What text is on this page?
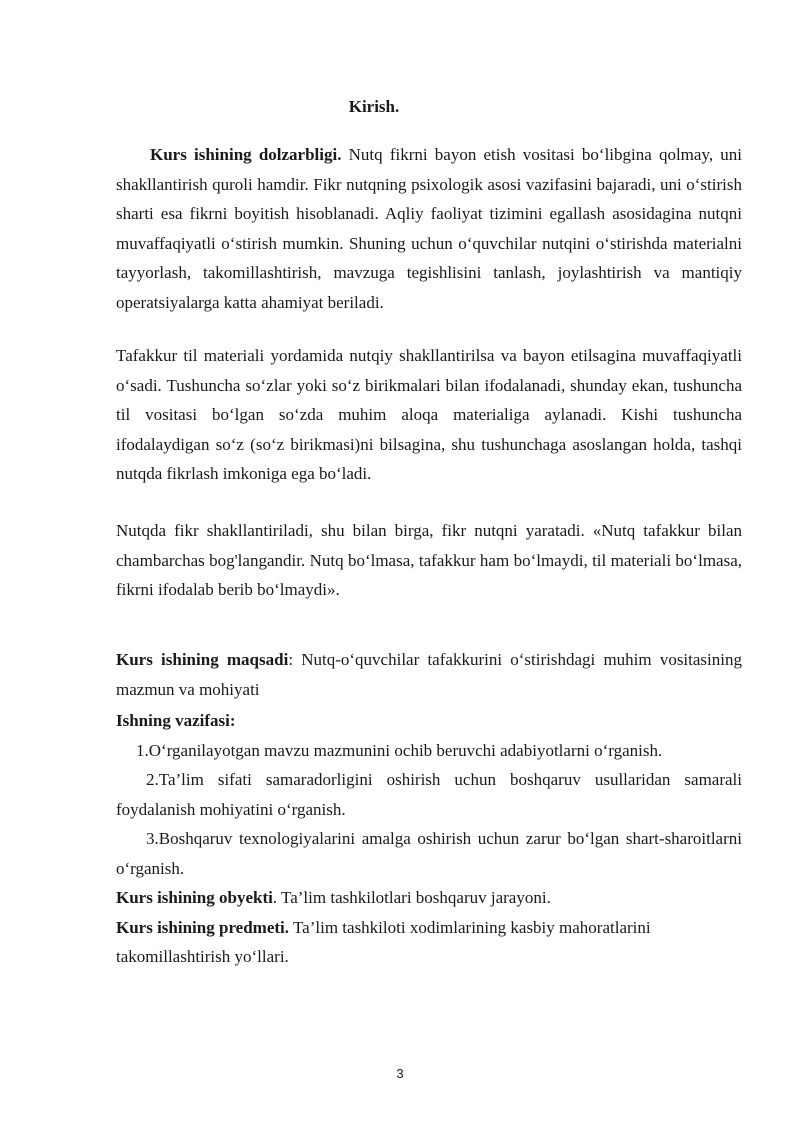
Kirish.

Kurs ishining dolzarbligi. Nutq fikrni bayon etish vositasi bo‘libgina qolmay, uni shakllantirish quroli hamdir. Fikr nutqning psixologik asosi vazifasini bajaradi, uni o‘stirish sharti esa fikrni boyitish hisoblanadi. Aqliy faoliyat tizimini egallash asosidagina nutqni muvaffaqiyatli o‘stirish mumkin. Shuning uchun o‘quvchilar nutqini o‘stirishda materialni tayyorlash, takomillashtirish, mavzuga tegishlisini tanlash, joylashtirish va mantiqiy operatsiyalarga katta ahamiyat beriladi.

Tafakkur til materiali yordamida nutqiy shakllantirilsa va bayon etilsagina muvaffaqiyatli o‘sadi. Tushuncha so‘zlar yoki so‘z birikmalari bilan ifodalanadi, shunday ekan, tushuncha til vositasi bo‘lgan so‘zda muhim aloqa materialiga aylanadi. Kishi tushuncha ifodalaydigan so‘z (so‘z birikmasi)ni bilsagina, shu tushunchaga asoslangan holda, tashqi nutqda fikrlash imkoniga ega bo‘ladi.

Nutqda fikr shakllantiriladi, shu bilan birga, fikr nutqni yaratadi. «Nutq tafakkur bilan chambarchas bog'langandir. Nutq bo‘lmasa, tafakkur ham bo‘lmaydi, til materiali bo‘lmasa, fikrni ifodalab berib bo‘lmaydi».

Kurs ishining maqsadi: Nutq-o‘quvchilar tafakkurini o‘stirishdagi muhim vositasining mazmun va mohiyati

Ishning vazifasi:

1.O‘rganilayotgan mavzu mazmunini ochib beruvchi adabiyotlarni o‘rganish.

2.Ta’lim sifati samaradorligini oshirish uchun boshqaruv usullaridan samarali foydalanish mohiyatini o‘rganish.

3.Boshqaruv texnologiyalarini amalga oshirish uchun zarur bo‘lgan shart-sharoitlarni o‘rganish.

Kurs ishining obyekti. Ta’lim tashkilotlari boshqaruv jarayoni.

Kurs ishining predmeti. Ta’lim tashkiloti xodimlarining kasbiy mahoratlarini takomillashtirish yo‘llari.

3
